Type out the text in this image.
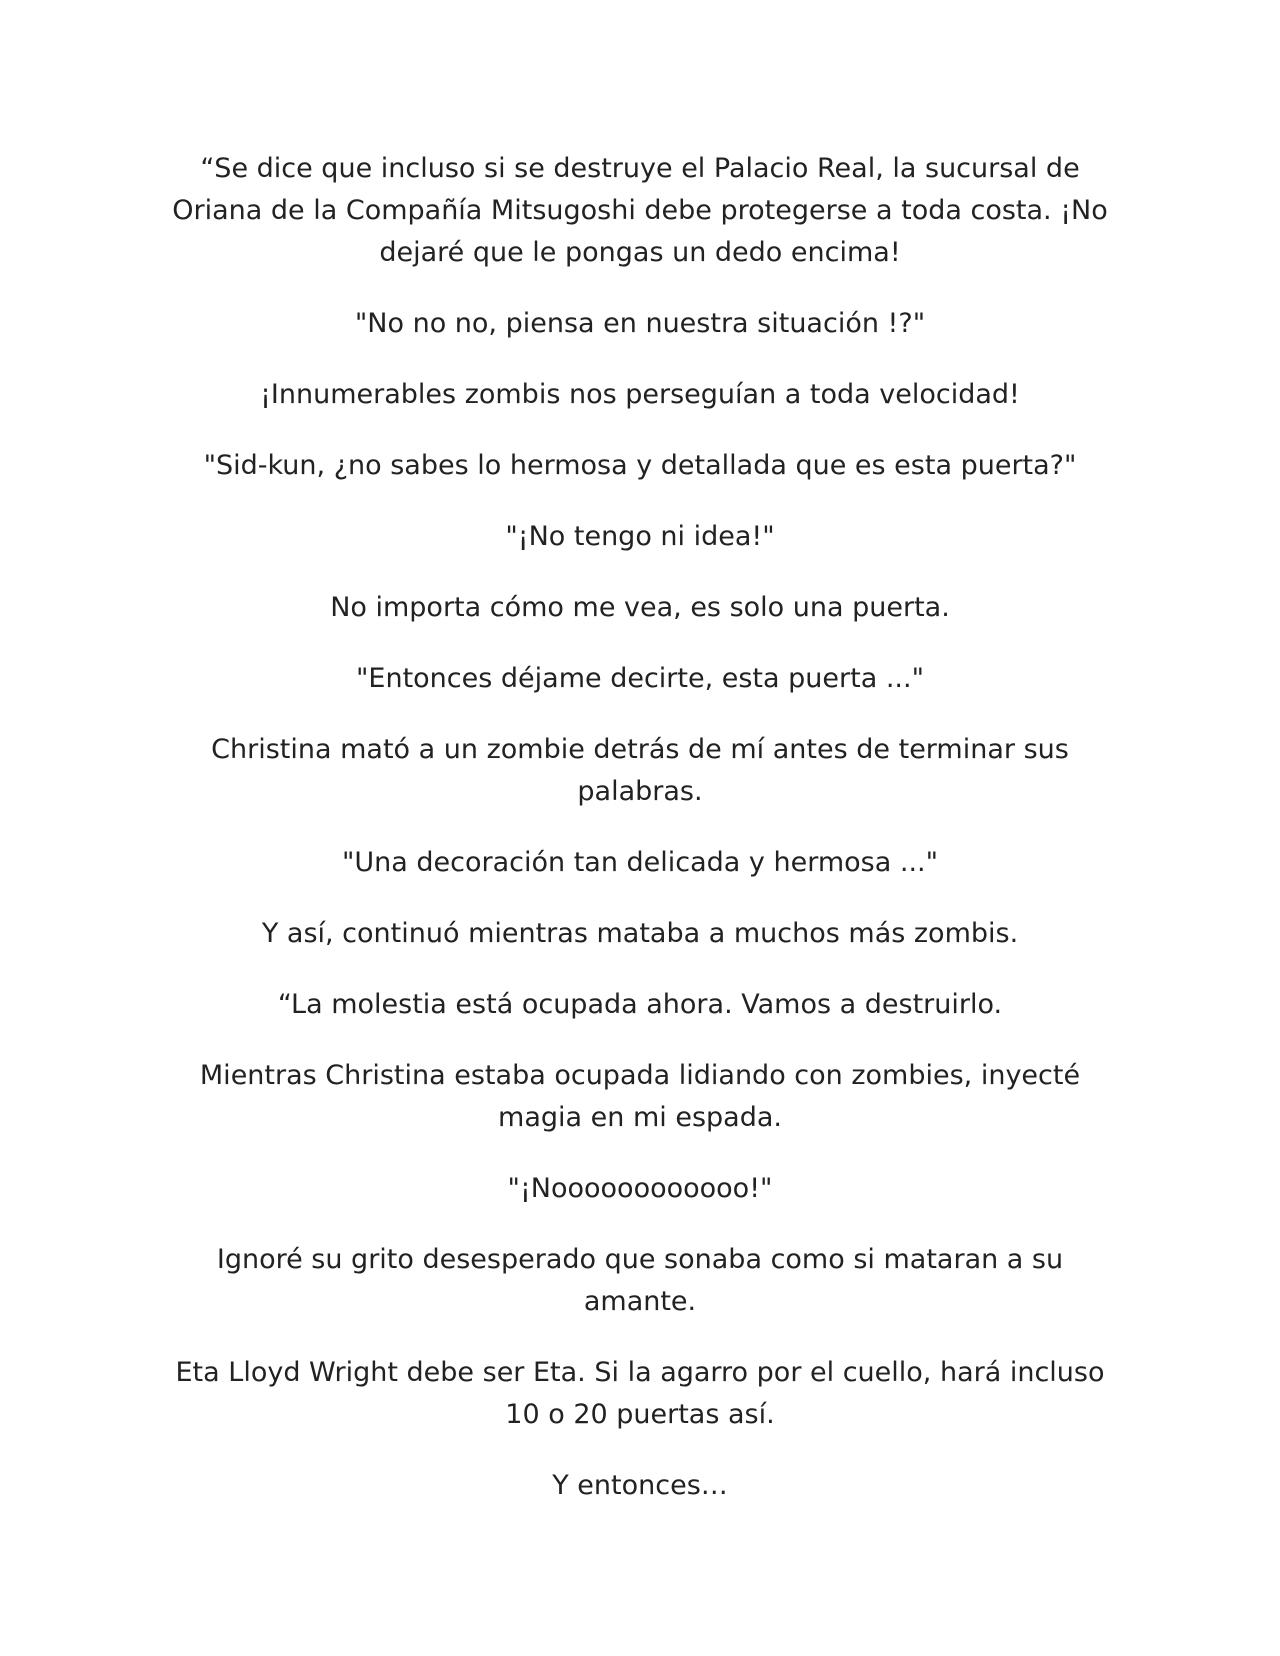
“Se dice que incluso si se destruye el Palacio Real, la sucursal de Oriana de la Compañía Mitsugoshi debe protegerse a toda costa. ¡No dejaré que le pongas un dedo encima!

"No no no, piensa en nuestra situación !?"

¡Innumerables zombis nos perseguían a toda velocidad!

"Sid-kun, ¿no sabes lo hermosa y detallada que es esta puerta?"

"¡No tengo ni idea!"

No importa cómo me vea, es solo una puerta.

"Entonces déjame decirte, esta puerta ..."

Christina mató a un zombie detrás de mí antes de terminar sus palabras.

"Una decoración tan delicada y hermosa ..."

Y así, continuó mientras mataba a muchos más zombis.

“La molestia está ocupada ahora. Vamos a destruirlo.

Mientras Christina estaba ocupada lidiando con zombies, inyecté magia en mi espada.

"¡Noooooooooooo!"

Ignoré su grito desesperado que sonaba como si mataran a su amante.

Eta Lloyd Wright debe ser Eta. Si la agarro por el cuello, hará incluso 10 o 20 puertas así.

Y entonces…
